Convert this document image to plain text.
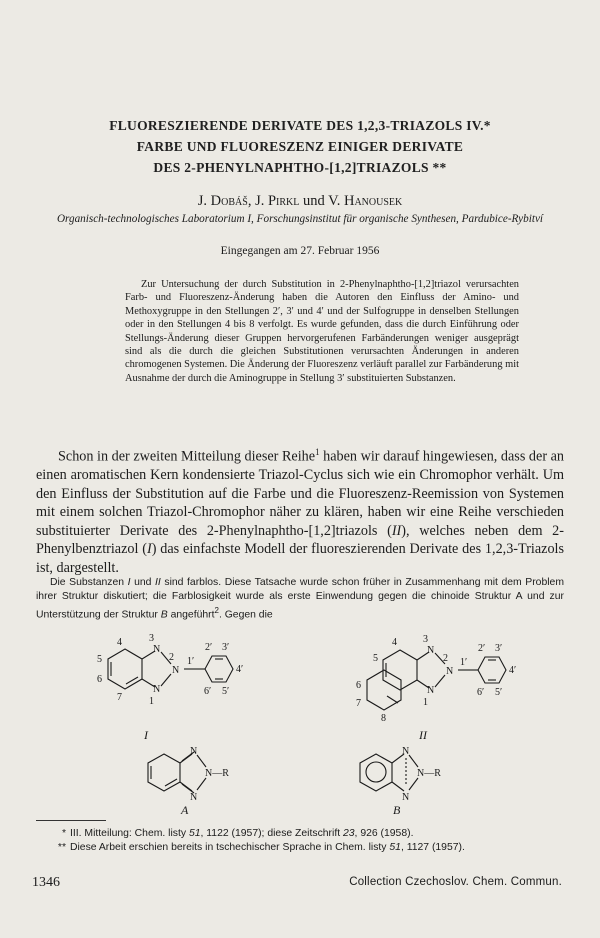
FLUORESZIERENDE DERIVATE DES 1,2,3-TRIAZOLS IV.*
FARBE UND FLUORESZENZ EINIGER DERIVATE
DES 2-PHENYLNAPHTHO-[1,2]TRIAZOLS **
J. Dobáš, J. Pirkl und V. Hanousek
Organisch-technologisches Laboratorium I, Forschungsinstitut für organische Synthesen, Pardubice-Rybitví
Eingegangen am 27. Februar 1956
Zur Untersuchung der durch Substitution in 2-Phenylnaphtho-[1,2]triazol verursachten Farb- und Fluoreszenz-Änderung haben die Autoren den Einfluss der Amino- und Methoxygruppe in den Stellungen 2′, 3′ und 4′ und der Sulfogruppe in denselben Stellungen oder in den Stellungen 4 bis 8 verfolgt. Es wurde gefunden, dass die durch Einführung oder Stellungs-Änderung dieser Gruppen hervorgerufenen Farbänderungen weniger ausgeprägt sind als die durch die gleichen Substitutionen verursachten Änderungen in anderen chromogenen Systemen. Die Änderung der Fluoreszenz verläuft parallel zur Farbänderung mit Ausnahme der durch die Aminogruppe in Stellung 3′ substituierten Substanzen.
Schon in der zweiten Mitteilung dieser Reihe$^1$ haben wir darauf hingewiesen, dass der an einen aromatischen Kern kondensierte Triazol-Cyclus sich wie ein Chromophor verhält. Um den Einfluss der Substitution auf die Farbe und die Fluoreszenz-Reemission von Systemen mit einem solchen Triazol-Chromophor näher zu klären, haben wir eine Reihe verschieden substituierter Derivate des 2-Phenylnaphtho-[1,2]triazols (II), welches neben dem 2-Phenylbenztriazol (I) das einfachste Modell der fluoreszierenden Derivate des 1,2,3-Triazols ist, dargestellt.
Die Substanzen I und II sind farblos. Diese Tatsache wurde schon früher in Zusammenhang mit dem Problem ihrer Struktur diskutiert; die Farblosigkeit wurde als erste Einwendung gegen die chinoide Struktur A und zur Unterstützung der Struktur B angeführt$^2$. Gegen die
N
N
N
3
2
1
4
5
6
7
1′
2′ 3′
4′
5′
6′
I
N
N
N
3
2
1
4
5
6
7
8
1′
2′ 3′
4′
5′
6′
II
N
N
N—R
A
N
N
N—R
B
* III. Mitteilung: Chem. listy 51, 1122 (1957); diese Zeitschrift 23, 926 (1958).
** Diese Arbeit erschien bereits in tschechischer Sprache in Chem. listy 51, 1127 (1957).
1346	Collection Czechoslov. Chem. Commun.
